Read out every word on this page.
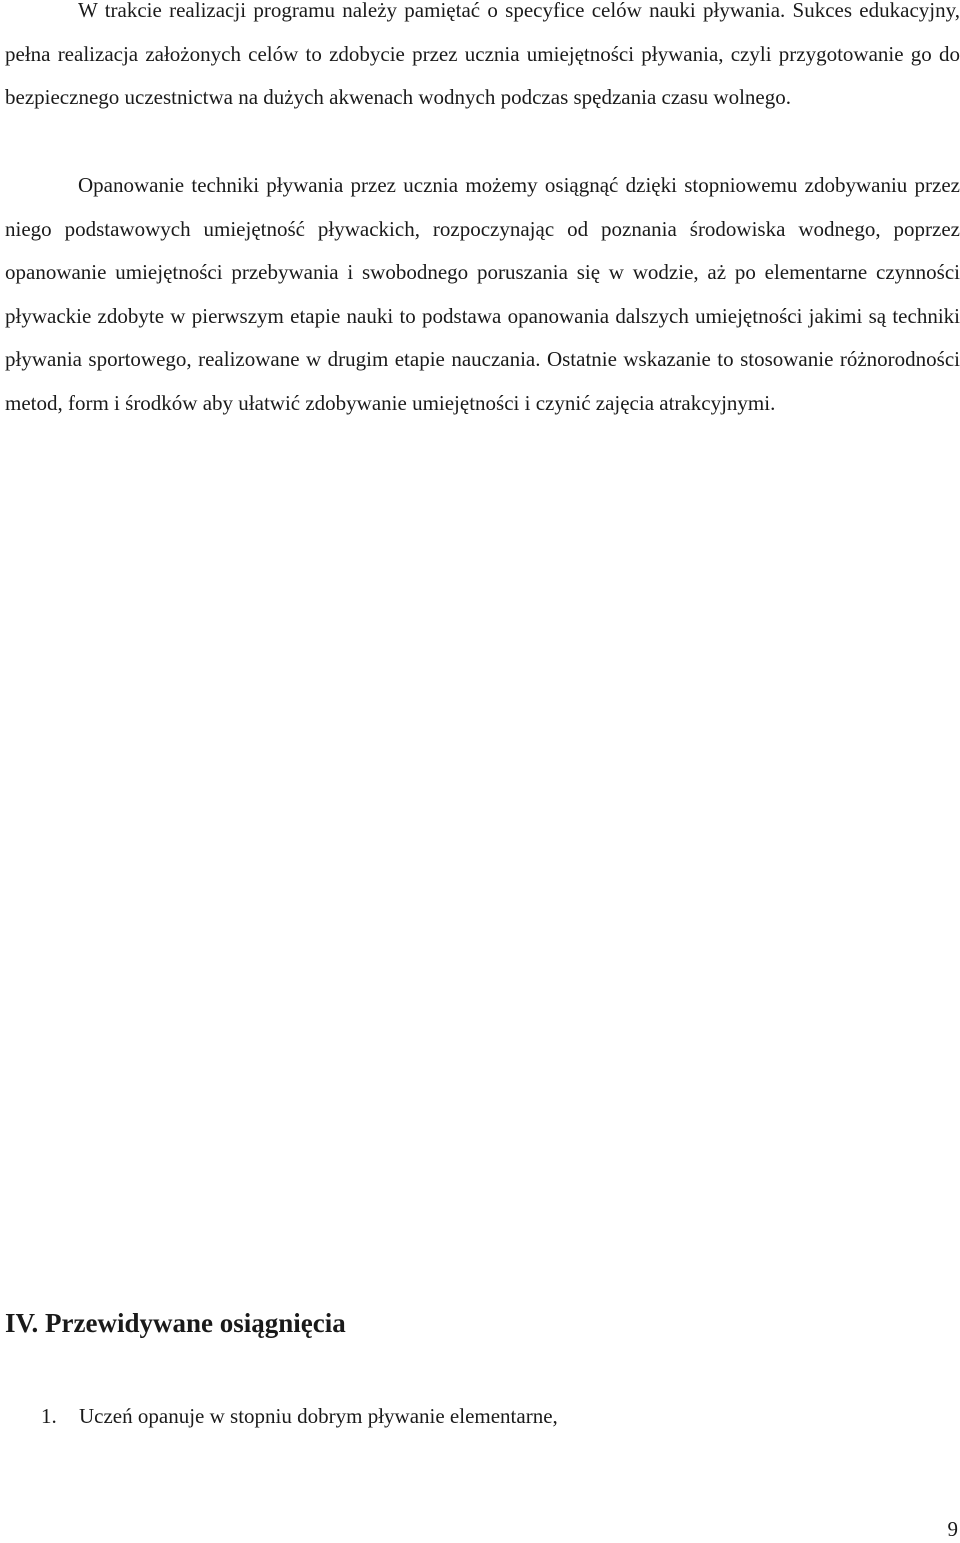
W trakcie realizacji programu należy pamiętać o specyfice celów nauki pływania. Sukces edukacyjny, pełna realizacja założonych celów to zdobycie przez ucznia umiejętności pływania, czyli przygotowanie go do bezpiecznego uczestnictwa na dużych akwenach wodnych podczas spędzania czasu wolnego.

Opanowanie techniki pływania przez ucznia możemy osiągnąć dzięki stopniowemu zdobywaniu przez niego podstawowych umiejętność pływackich, rozpoczynając od poznania środowiska wodnego, poprzez opanowanie umiejętności przebywania i swobodnego poruszania się w wodzie, aż po elementarne czynności pływackie zdobyte w pierwszym etapie nauki to podstawa opanowania dalszych umiejętności jakimi są techniki pływania sportowego, realizowane w drugim etapie nauczania. Ostatnie wskazanie to stosowanie różnorodności metod, form i środków aby ułatwić zdobywanie umiejętności i czynić zajęcia atrakcyjnymi.

IV. Przewidywane osiągnięcia
1.	Uczeń opanuje w stopniu dobrym pływanie elementarne,
9
